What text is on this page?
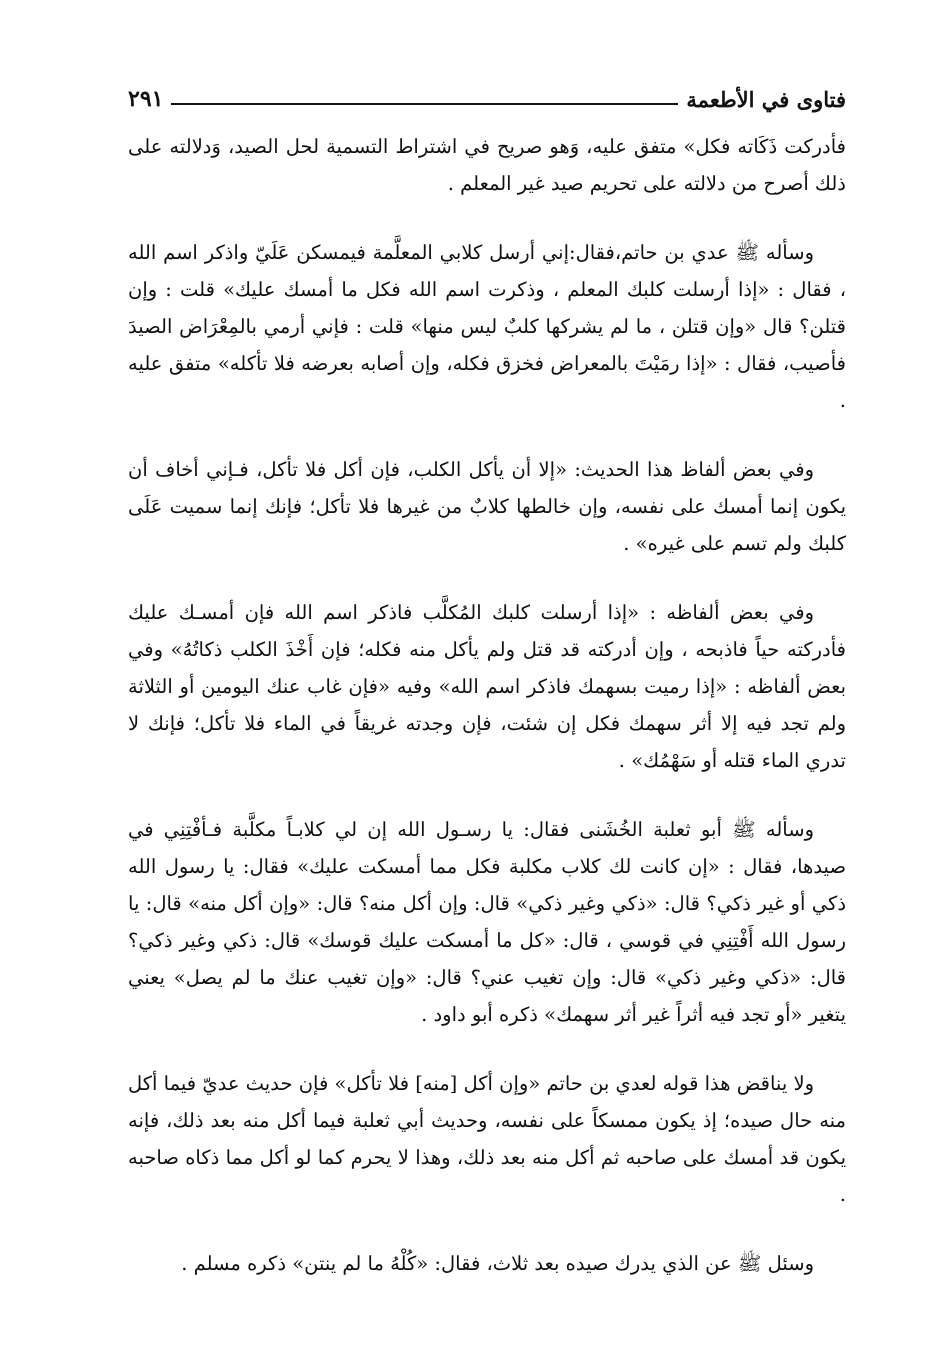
فتاوى في الأطعمة
٢٩١

فأدركت ذَكَاته فكل» متفق عليه، وَهو صريح في اشتراط التسمية لحل الصيد، وَدلالته على ذلك أصرح من دلالته على تحريم صيد غير المعلم .

وسأله ﷺ عدي بن حاتم،فقال:إني أرسل كلابي المعلَّمة فيمسكن عَلَيّ واذكر اسم الله ، فقال : «إذا أرسلت كلبك المعلم ، وذكرت اسم الله فكل ما أمسك عليك» قلت : وإن قتلن؟ قال «وإن قتلن ، ما لم يشركها كلبٌ ليس منها» قلت : فإني أرمي بالمِعْرَاض الصيدَ فأصيب، فقال : «إذا رمَيْتَ بالمعراض فخزق فكله، وإن أصابه بعرضه فلا تأكله» متفق عليه .

وفي بعض ألفاظ هذا الحديث: «إلا أن يأكل الكلب، فإن أكل فلا تأكل، فـإني أخاف أن يكون إنما أمسك على نفسه، وإن خالطها كلابٌ من غيرها فلا تأكل؛ فإنك إنما سميت عَلَى كلبك ولم تسم على غيره» .

وفي بعض ألفاظه : «إذا أرسلت كلبك المُكلَّب فاذكر اسم الله فإن أمسـك عليك فأدركته حياً فاذبحه ، وإن أدركته قد قتل ولم يأكل منه فكله؛ فإن أَخْذَ الكلب ذكاتُهُ» وفي بعض ألفاظه : «إذا رميت بسهمك فاذكر اسم الله» وفيه «فإن غاب عنك اليومين أو الثلاثة ولم تجد فيه إلا أثر سهمك فكل إن شئت، فإن وجدته غريقاً في الماء فلا تأكل؛ فإنك لا تدري الماء قتله أو سَهْمُك» .

وسأله ﷺ أبو ثعلبة الخُشَنى فقال: يا رسـول الله إن لي كلابـاً مكلَّبة فـأفْتِنِي في صيدها، فقال : «إن كانت لك كلاب مكلبة فكل مما أمسكت عليك» فقال: يا رسول الله ذكي أو غير ذكي؟ قال: «ذكي وغير ذكي» قال: وإن أكل منه؟ قال: «وإن أكل منه» قال: يا رسول الله أَفْتِنِي في قوسي ، قال: «كل ما أمسكت عليك قوسك» قال: ذكي وغير ذكي؟ قال: «ذكي وغير ذكي» قال: وإن تغيب عني؟ قال: «وإن تغيب عنك ما لم يصل» يعني يتغير «أو تجد فيه أثراً غير أثر سهمك» ذكره أبو داود .

ولا يناقض هذا قوله لعدي بن حاتم «وإن أكل [منه] فلا تأكل» فإن حديث عديّ فيما أكل منه حال صيده؛ إذ يكون ممسكاً على نفسه، وحديث أبي ثعلبة فيما أكل منه بعد ذلك، فإنه يكون قد أمسك على صاحبه ثم أكل منه بعد ذلك، وهذا لا يحرم كما لو أكل مما ذكاه صاحبه .

وسئل ﷺ عن الذي يدرك صيده بعد ثلاث، فقال: «كُلْهُ ما لم ينتن» ذكره مسلم .
